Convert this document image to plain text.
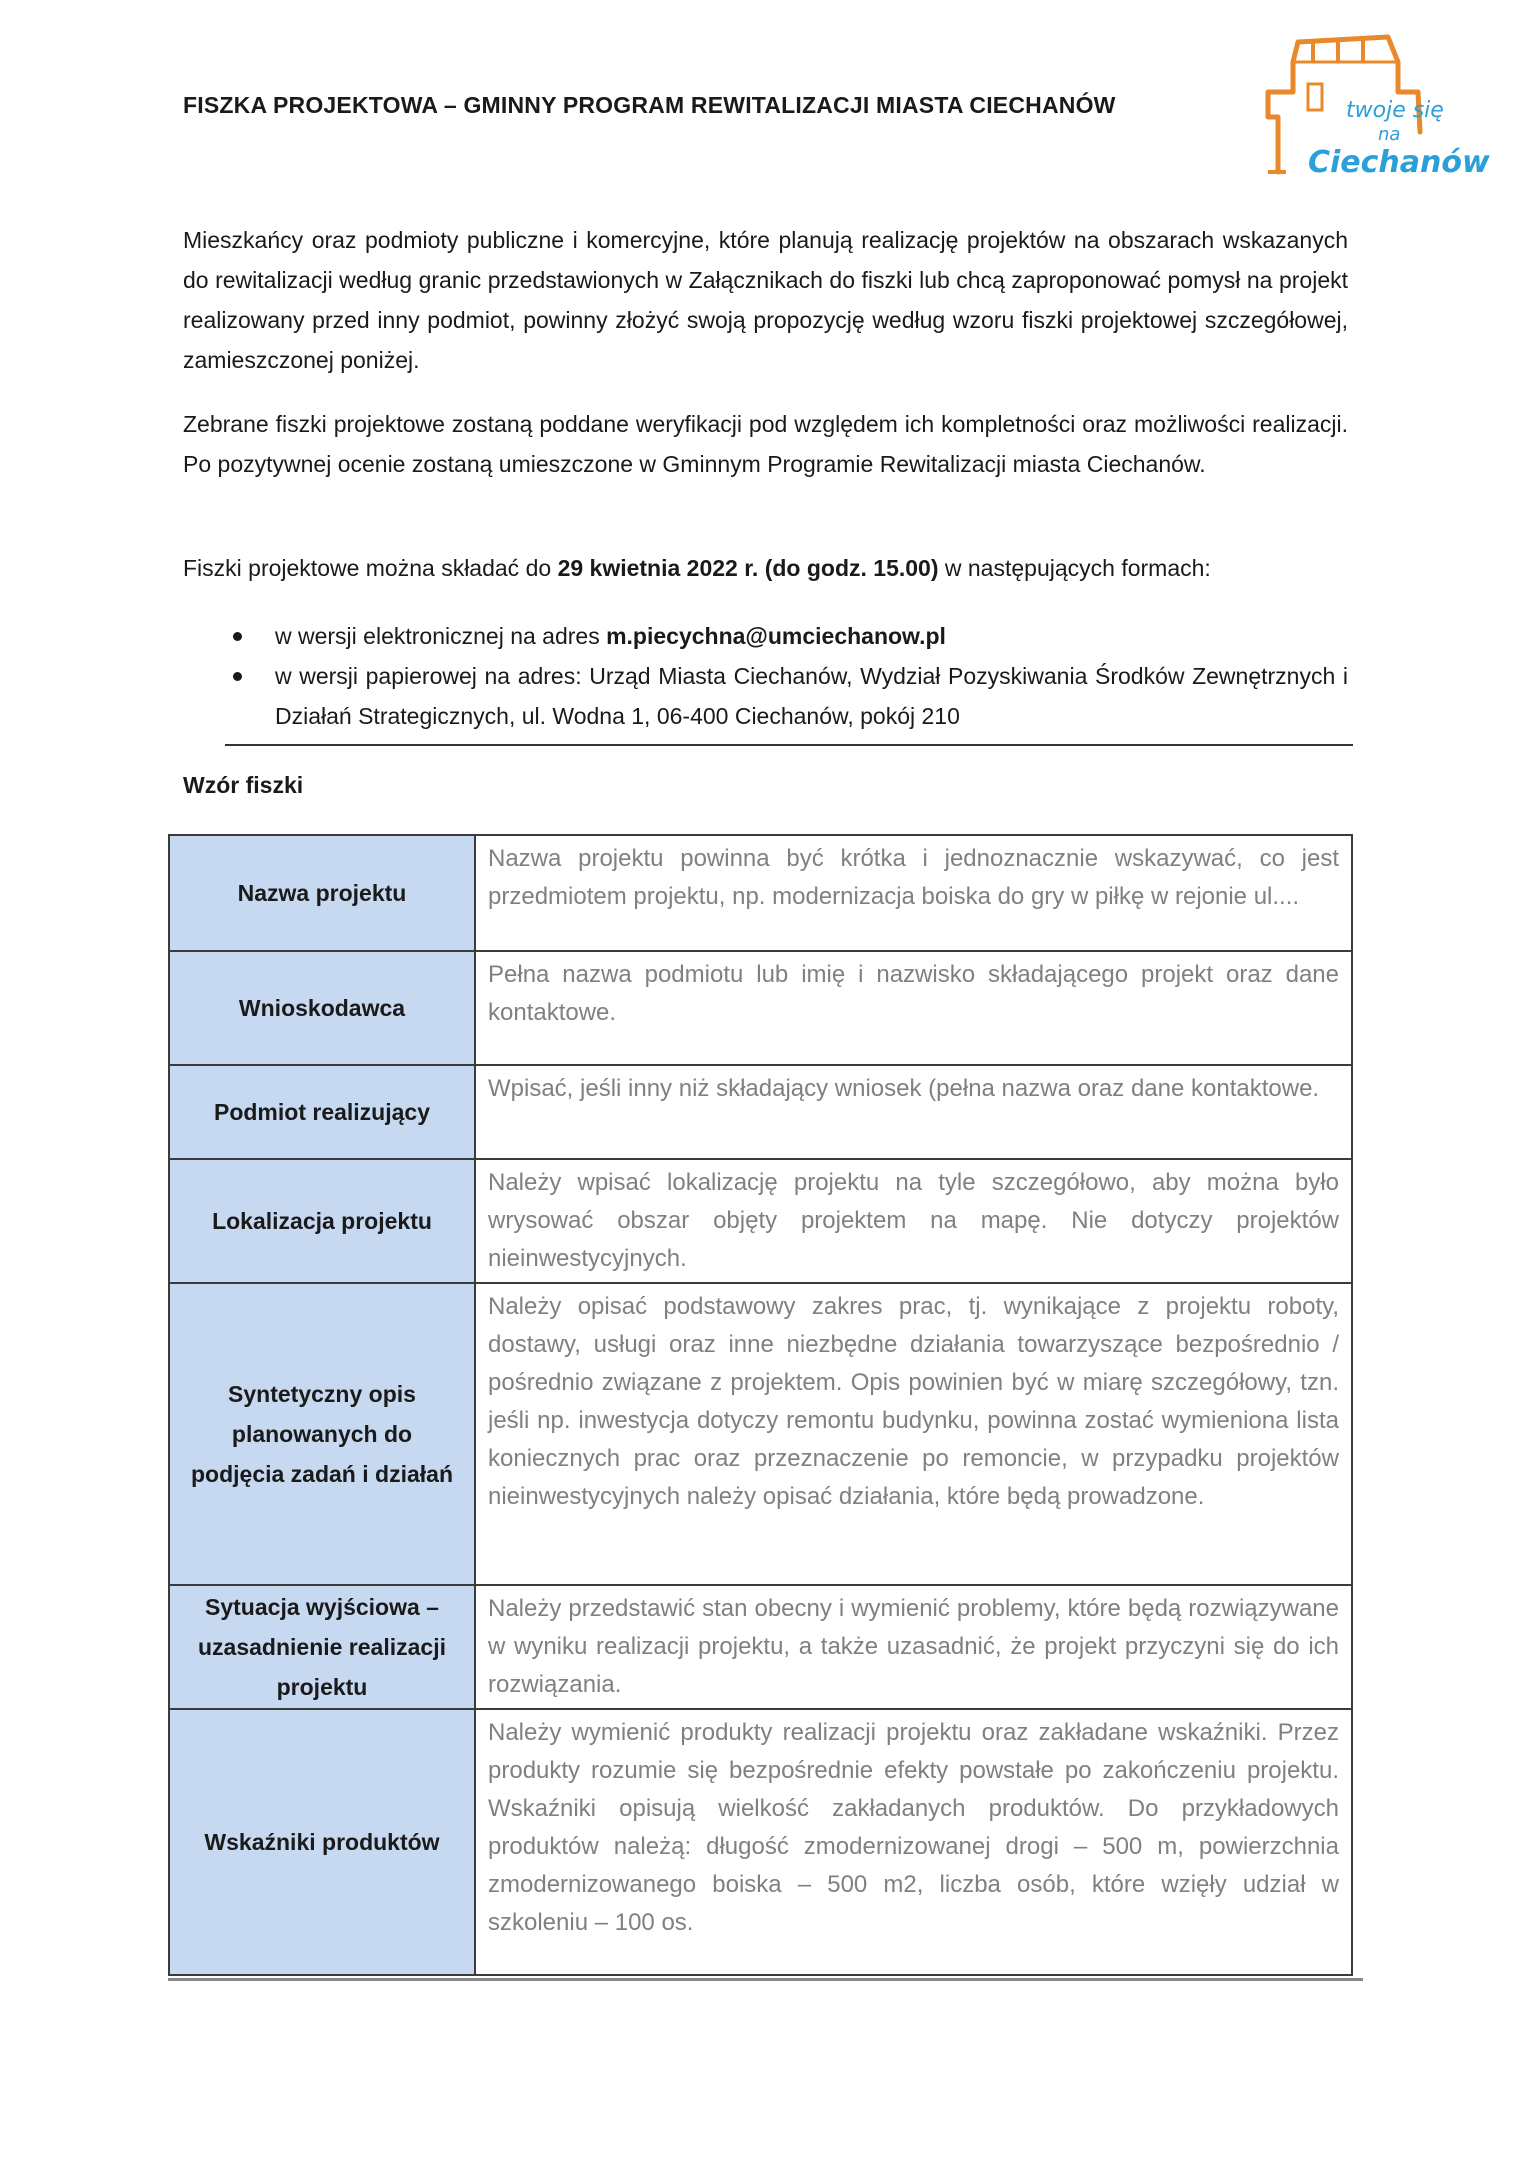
FISZKA PROJEKTOWA – GMINNY PROGRAM REWITALIZACJI MIASTA CIECHANÓW	twoje się
na
Ciechanów
Mieszkańcy oraz podmioty publiczne i komercyjne, które planują realizację projektów na obszarach wskazanych do rewitalizacji według granic przedstawionych w Załącznikach do fiszki lub chcą zaproponować pomysł na projekt realizowany przed inny podmiot, powinny złożyć swoją propozycję według wzoru fiszki projektowej szczegółowej, zamieszczonej poniżej.
Zebrane fiszki projektowe zostaną poddane weryfikacji pod względem ich kompletności oraz możliwości realizacji. Po pozytywnej ocenie zostaną umieszczone w Gminnym Programie Rewitalizacji miasta Ciechanów.
Fiszki projektowe można składać do 29 kwietnia 2022 r. (do godz. 15.00) w następujących formach:
w wersji elektronicznej na adres m.piecychna@umciechanow.pl
w wersji papierowej na adres: Urząd Miasta Ciechanów, Wydział Pozyskiwania Środków Zewnętrznych i Działań Strategicznych, ul. Wodna 1, 06-400 Ciechanów, pokój 210
Wzór fiszki
Nazwa projektu	Nazwa projektu powinna być krótka i jednoznacznie wskazywać, co jest przedmiotem projektu, np. modernizacja boiska do gry w piłkę w rejonie ul....
Wnioskodawca	Pełna nazwa podmiotu lub imię i nazwisko składającego projekt oraz dane kontaktowe.
Podmiot realizujący	Wpisać, jeśli inny niż składający wniosek (pełna nazwa oraz dane kontaktowe.
Lokalizacja projektu	Należy wpisać lokalizację projektu na tyle szczegółowo, aby można było wrysować obszar objęty projektem na mapę. Nie dotyczy projektów nieinwestycyjnych.
Syntetyczny opis planowanych do podjęcia zadań i działań	Należy opisać podstawowy zakres prac, tj. wynikające z projektu roboty, dostawy, usługi oraz inne niezbędne działania towarzyszące bezpośrednio / pośrednio związane z projektem. Opis powinien być w miarę szczegółowy, tzn. jeśli np. inwestycja dotyczy remontu budynku, powinna zostać wymieniona lista koniecznych prac oraz przeznaczenie po remoncie, w przypadku projektów nieinwestycyjnych należy opisać działania, które będą prowadzone.
Sytuacja wyjściowa – uzasadnienie realizacji projektu	Należy przedstawić stan obecny i wymienić problemy, które będą rozwiązywane w wyniku realizacji projektu, a także uzasadnić, że projekt przyczyni się do ich rozwiązania.
Wskaźniki produktów	Należy wymienić produkty realizacji projektu oraz zakładane wskaźniki. Przez produkty rozumie się bezpośrednie efekty powstałe po zakończeniu projektu. Wskaźniki opisują wielkość zakładanych produktów. Do przykładowych produktów należą: długość zmodernizowanej drogi – 500 m, powierzchnia zmodernizowanego boiska – 500 m2, liczba osób, które wzięły udział w szkoleniu – 100 os.
